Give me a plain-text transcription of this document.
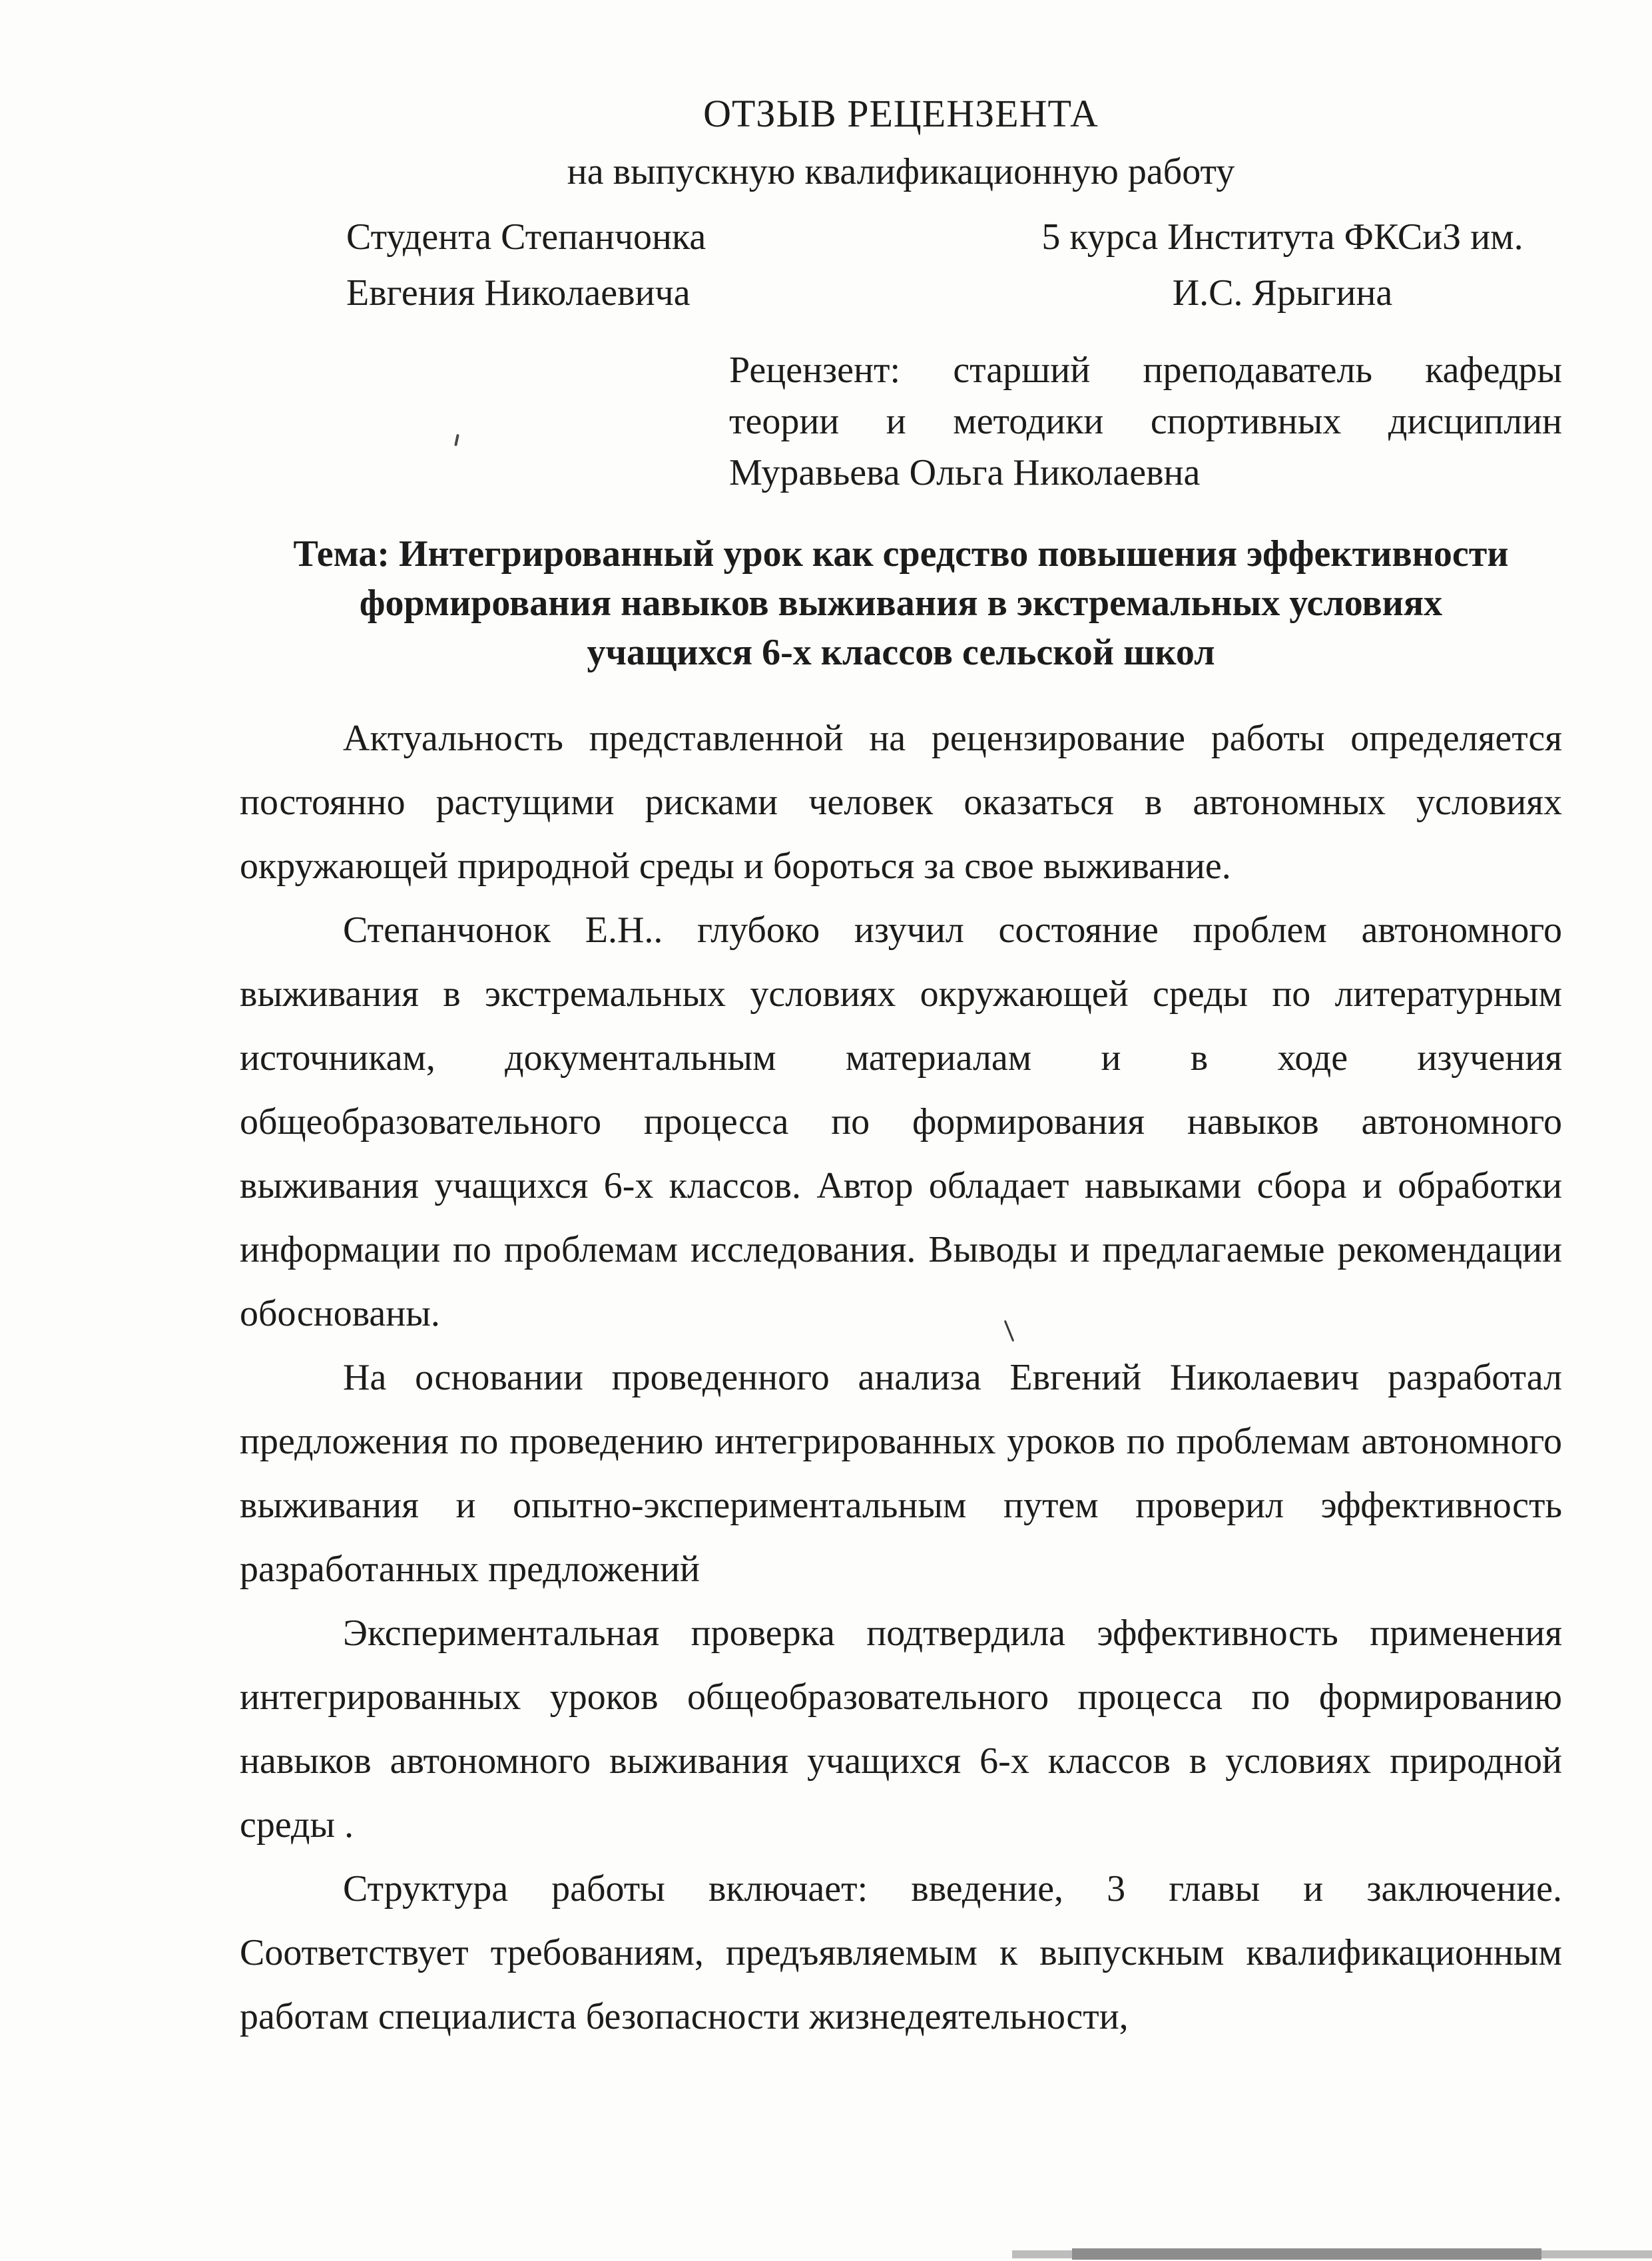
ОТЗЫВ РЕЦЕНЗЕНТА
на выпускную квалификационную работу
Студента Степанчонка
Евгения Николаевича
5 курса Института ФКСиЗ им.
И.С. Ярыгина
Рецензент: старший преподаватель кафедры
теории и методики спортивных дисциплин
Муравьева Ольга Николаевна
Тема: Интегрированный урок как средство повышения эффективности
формирования навыков выживания в экстремальных условиях
учащихся 6-х классов сельской школ

Актуальность представленной на рецензирование работы определяется постоянно растущими рисками человек оказаться в автономных условиях окружающей природной среды и бороться за свое выживание.

Степанчонок Е.Н.. глубоко изучил состояние проблем автономного выживания в экстремальных условиях окружающей среды по литературным источникам, документальным материалам и в ходе изучения общеобразовательного процесса по формирования навыков автономного выживания учащихся 6-х классов. Автор обладает навыками сбора и обработки информации по проблемам исследования. Выводы и предлагаемые рекомендации обоснованы.

На основании проведенного анализа Евгений Николаевич разработал предложения по проведению интегрированных уроков по проблемам автономного выживания и опытно-экспериментальным путем проверил эффективность разработанных предложений

Экспериментальная проверка подтвердила эффективность применения интегрированных уроков общеобразовательного процесса по формированию навыков автономного выживания учащихся 6-х классов в условиях природной среды .

Структура работы включает: введение, 3 главы и заключение. Соответствует требованиям, предъявляемым к выпускным квалификационным работам специалиста безопасности жизнедеятельности,
